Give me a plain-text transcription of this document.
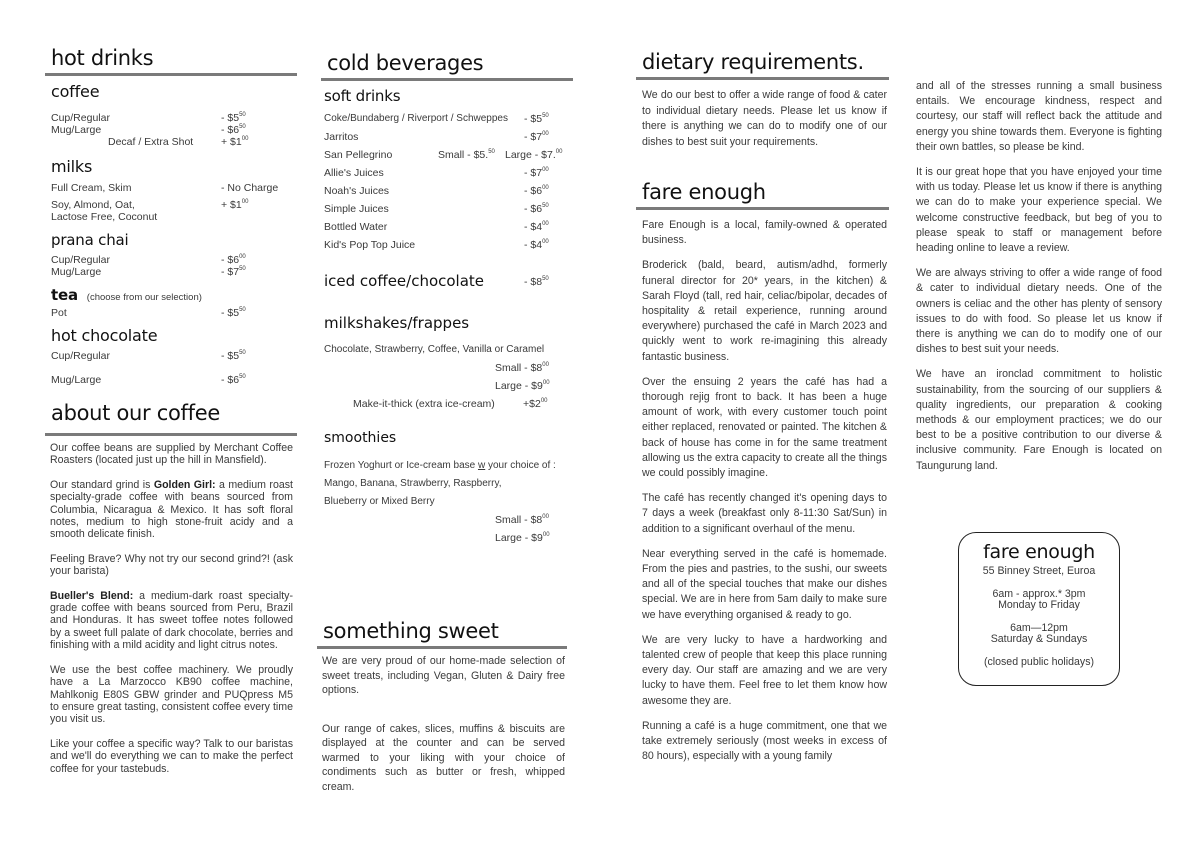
hot drinks
coffee
Cup/Regular	- $\$5^{50}$
Mug/Large	- $\$6^{50}$
Decaf / Extra Shot	+ $\$1^{00}$
milks
Full Cream, Skim	- No Charge
Soy, Almond, Oat,
Lactose Free, Coconut
+ $\$1^{00}$
prana chai
Cup/Regular	- $\$6^{00}$
Mug/Large	- $\$7^{50}$
tea (choose from our selection)
Pot	- $\$5^{50}$
hot chocolate
Cup/Regular	- $\$5^{50}$
Mug/Large	- $\$6^{50}$
about our coffee

Our coffee beans are supplied by Merchant Coffee Roasters (located just up the hill in Mansfield).

Our standard grind is Golden Girl: a medium roast specialty-grade coffee with beans sourced from Columbia, Nicaragua & Mexico. It has soft floral notes, medium to high stone-fruit acidy and a smooth delicate finish.

Feeling Brave? Why not try our second grind?! (ask your barista)

Bueller's Blend: a medium-dark roast specialty-grade coffee with beans sourced from Peru, Brazil and Honduras. It has sweet toffee notes followed by a sweet full palate of dark chocolate, berries and finishing with a mild acidity and light citrus notes.

We use the best coffee machinery. We proudly have a La Marzocco KB90 coffee machine, Mahlkonig E80S GBW grinder and PUQpress M5 to ensure great tasting, consistent coffee every time you visit us.

Like your coffee a specific way? Talk to our baristas and we'll do everything we can to make the perfect coffee for your tastebuds.

cold beverages
soft drinks
Coke/Bundaberg / Riverport / Schweppes - $\$5^{50}$
Jarritos	- $\$7^{00}$
San Pellegrino	Small - $5.50 Large - $7.00
Allie's Juices	- $\$7^{00}$
Noah's Juices	- $\$6^{00}$
Simple Juices	- $\$6^{50}$
Bottled Water	- $\$4^{00}$
Kid's Pop Top Juice	- $\$4^{00}$
iced coffee/chocolate	- $\$8^{50}$
milkshakes/frappes
Chocolate, Strawberry, Coffee, Vanilla or Caramel
Small - $\$8^{00}$
Large - $\$9^{00}$
Make-it-thick (extra ice-cream)	$+\$2^{00}$
smoothies
Frozen Yoghurt or Ice-cream base w your choice of :
Mango, Banana, Strawberry, Raspberry,
Blueberry or Mixed Berry
Small - $\$8^{00}$
Large - $\$9^{00}$
something sweet

We are very proud of our home-made selection of sweet treats, including Vegan, Gluten & Dairy free options.

Our range of cakes, slices, muffins & biscuits are displayed at the counter and can be served warmed to your liking with your choice of condiments such as butter or fresh, whipped cream.

dietary requirements.

We do our best to offer a wide range of food & cater to individual dietary needs. Please let us know if there is anything we can do to modify one of our dishes to best suit your requirements.

fare enough

Fare Enough is a local, family-owned & operated business.

Broderick (bald, beard, autism/adhd, formerly funeral director for 20* years, in the kitchen) & Sarah Floyd (tall, red hair, celiac/bipolar, decades of hospitality & retail experience, running around everywhere) purchased the café in March 2023 and quickly went to work re-imagining this already fantastic business.

Over the ensuing 2 years the café has had a thorough rejig front to back. It has been a huge amount of work, with every customer touch point either replaced, renovated or painted. The kitchen & back of house has come in for the same treatment allowing us the extra capacity to create all the things we could possibly imagine.

The café has recently changed it's opening days to 7 days a week (breakfast only 8-11:30 Sat/Sun) in addition to a significant overhaul of the menu.

Near everything served in the café is homemade. From the pies and pastries, to the sushi, our sweets and all of the special touches that make our dishes special. We are in here from 5am daily to make sure we have everything organised & ready to go.

We are very lucky to have a hardworking and talented crew of people that keep this place running every day. Our staff are amazing and we are very lucky to have them. Feel free to let them know how awesome they are.

Running a café is a huge commitment, one that we take extremely seriously (most weeks in excess of 80 hours), especially with a young family

and all of the stresses running a small business entails. We encourage kindness, respect and courtesy, our staff will reflect back the attitude and energy you shine towards them. Everyone is fighting their own battles, so please be kind.

It is our great hope that you have enjoyed your time with us today. Please let us know if there is anything we can do to make your experience special. We welcome constructive feedback, but beg of you to please speak to staff or management before heading online to leave a review.

We are always striving to offer a wide range of food & cater to individual dietary needs. One of the owners is celiac and the other has plenty of sensory issues to do with food. So please let us know if there is anything we can do to modify one of our dishes to best suit your needs.

We have an ironclad commitment to holistic sustainability, from the sourcing of our suppliers & quality ingredients, our preparation & cooking methods & our employment practices; we do our best to be a positive contribution to our diverse & inclusive community. Fare Enough is located on Taungurung land.

fare enough
55 Binney Street, Euroa
6am - approx.* 3pm
Monday to Friday
6am—12pm
Saturday & Sundays
(closed public holidays)
